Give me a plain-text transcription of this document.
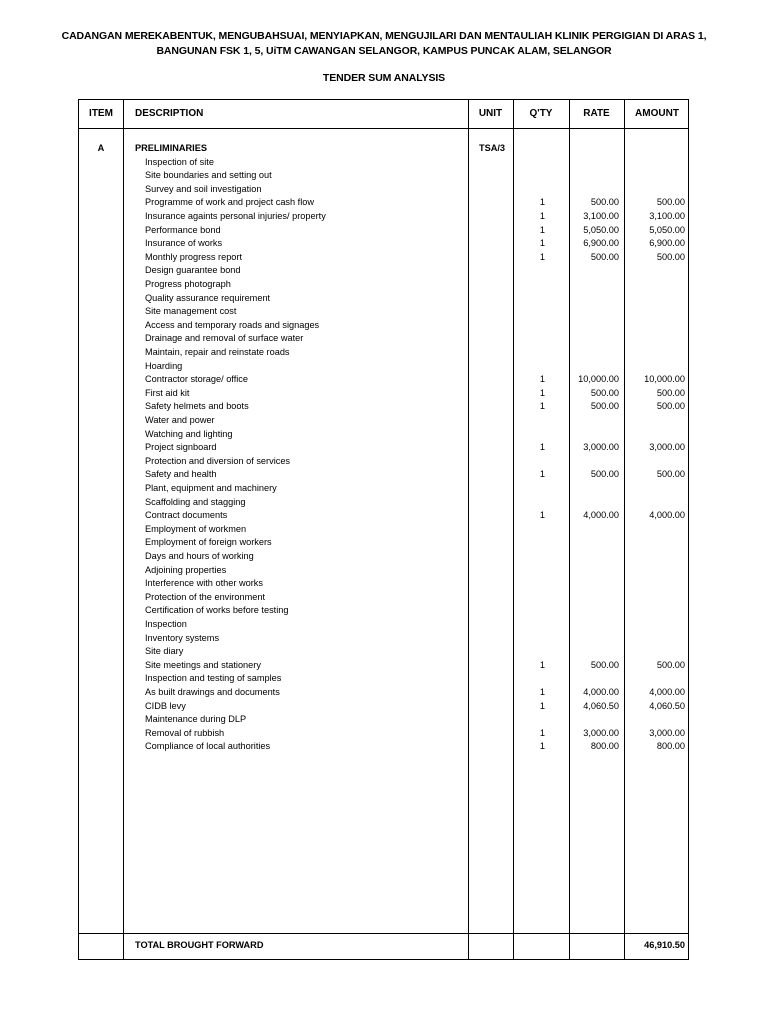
CADANGAN MEREKABENTUK, MENGUBAHSUAI, MENYIAPKAN, MENGUJILARI DAN MENTAULIAH KLINIK PERGIGIAN DI ARAS 1,
BANGUNAN FSK 1, 5, UiTM CAWANGAN SELANGOR, KAMPUS PUNCAK ALAM, SELANGOR
TENDER SUM ANALYSIS
ITEM	DESCRIPTION	UNIT	Q'TY	RATE	AMOUNT
A	PRELIMINARIES	TSA/3
Inspection of site
Site boundaries and setting out
Survey and soil investigation
Programme of work and project cash flow	1	500.00	500.00
Insurance againts personal injuries/ property	1	3,100.00	3,100.00
Performance bond	1	5,050.00	5,050.00
Insurance of works	1	6,900.00	6,900.00
Monthly progress report	1	500.00	500.00
Design guarantee bond
Progress photograph
Quality assurance requirement
Site management cost
Access and temporary roads and signages
Drainage and removal of surface water
Maintain, repair and reinstate roads
Hoarding
Contractor storage/ office	1	10,000.00	10,000.00
First aid kit	1	500.00	500.00
Safety helmets and boots	1	500.00	500.00
Water and power
Watching and lighting
Project signboard	1	3,000.00	3,000.00
Protection and diversion of services
Safety and health	1	500.00	500.00
Plant, equipment and machinery
Scaffolding and stagging
Contract documents	1	4,000.00	4,000.00
Employment of workmen
Employment of foreign workers
Days and hours of working
Adjoining properties
Interference with other works
Protection of the environment
Certification of works before testing
Inspection
Inventory systems
Site diary
Site meetings and stationery	1	500.00	500.00
Inspection and testing of samples
As built drawings and documents	1	4,000.00	4,000.00
CIDB levy	1	4,060.50	4,060.50
Maintenance during DLP
Removal of rubbish	1	3,000.00	3,000.00
Compliance of local authorities	1	800.00	800.00
TOTAL BROUGHT FORWARD	46,910.50
